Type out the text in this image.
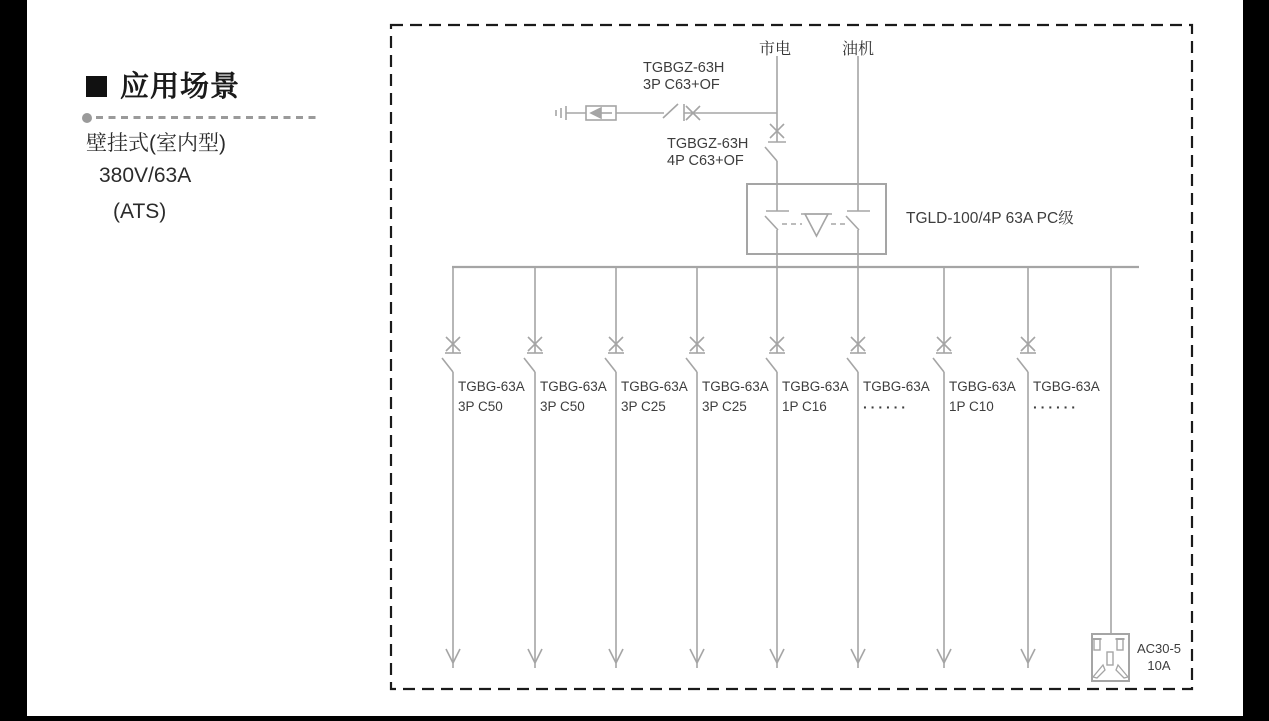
应用场景
壁挂式(室内型)
380V/63A
(ATS)
市电	油机
TGBGZ-63H
3P C63+OF
TGBGZ-63H
4P C63+OF
TGLD-100/4P 63A PC级
TGBG-63A
3P C50
TGBG-63A
3P C50
TGBG-63A
3P C25
TGBG-63A
3P C25
TGBG-63A
1P C16
TGBG-63A
······
TGBG-63A
1P C10
TGBG-63A
······
AC30-5
10A
